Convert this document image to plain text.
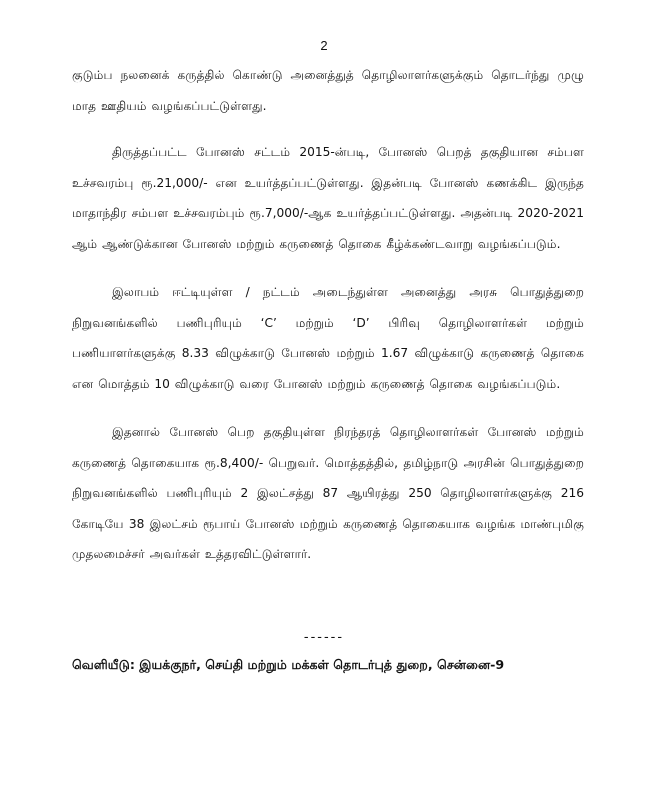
2

குடும்ப நலனைக் கருத்தில் கொண்டு அனைத்துத் தொழிலாளர்களுக்கும் தொடர்ந்து முழு மாத ஊதியம் வழங்கப்பட்டுள்ளது.

திருத்தப்பட்ட போனஸ் சட்டம் 2015-ன்படி, போனஸ் பெறத் தகுதியான சம்பள உச்சவரம்பு ரூ.21,000/- என உயர்த்தப்பட்டுள்ளது. இதன்படி போனஸ் கணக்கிட இருந்த மாதாந்திர சம்பள உச்சவரம்பும் ரூ.7,000/-ஆக உயர்த்தப்பட்டுள்ளது. அதன்படி 2020-2021 ஆம் ஆண்டுக்கான போனஸ் மற்றும் கருணைத் தொகை கீழ்க்கண்டவாறு வழங்கப்படும்.

இலாபம் ஈட்டியுள்ள / நட்டம் அடைந்துள்ள அனைத்து அரசு பொதுத்துறை நிறுவனங்களில் பணிபுரியும் ‘C’ மற்றும் ‘D’ பிரிவு தொழிலாளர்கள் மற்றும் பணியாளர்களுக்கு 8.33 விழுக்காடு போனஸ் மற்றும் 1.67 விழுக்காடு கருணைத் தொகை என மொத்தம் 10 விழுக்காடு வரை போனஸ் மற்றும் கருணைத் தொகை வழங்கப்படும்.

இதனால் போனஸ் பெற தகுதியுள்ள நிரந்தரத் தொழிலாளர்கள் போனஸ் மற்றும் கருணைத் தொகையாக ரூ.8,400/- பெறுவர். மொத்தத்தில், தமிழ்நாடு அரசின் பொதுத்துறை நிறுவனங்களில் பணிபுரியும் 2 இலட்சத்து 87 ஆயிரத்து 250 தொழிலாளர்களுக்கு 216 கோடியே 38 இலட்சம் ரூபாய் போனஸ் மற்றும் கருணைத் தொகையாக வழங்க மாண்புமிகு முதலமைச்சர் அவர்கள் உத்தரவிட்டுள்ளார்.

------
வெளியீடு: இயக்குநர், செய்தி மற்றும் மக்கள் தொடர்புத் துறை, சென்னை-9
